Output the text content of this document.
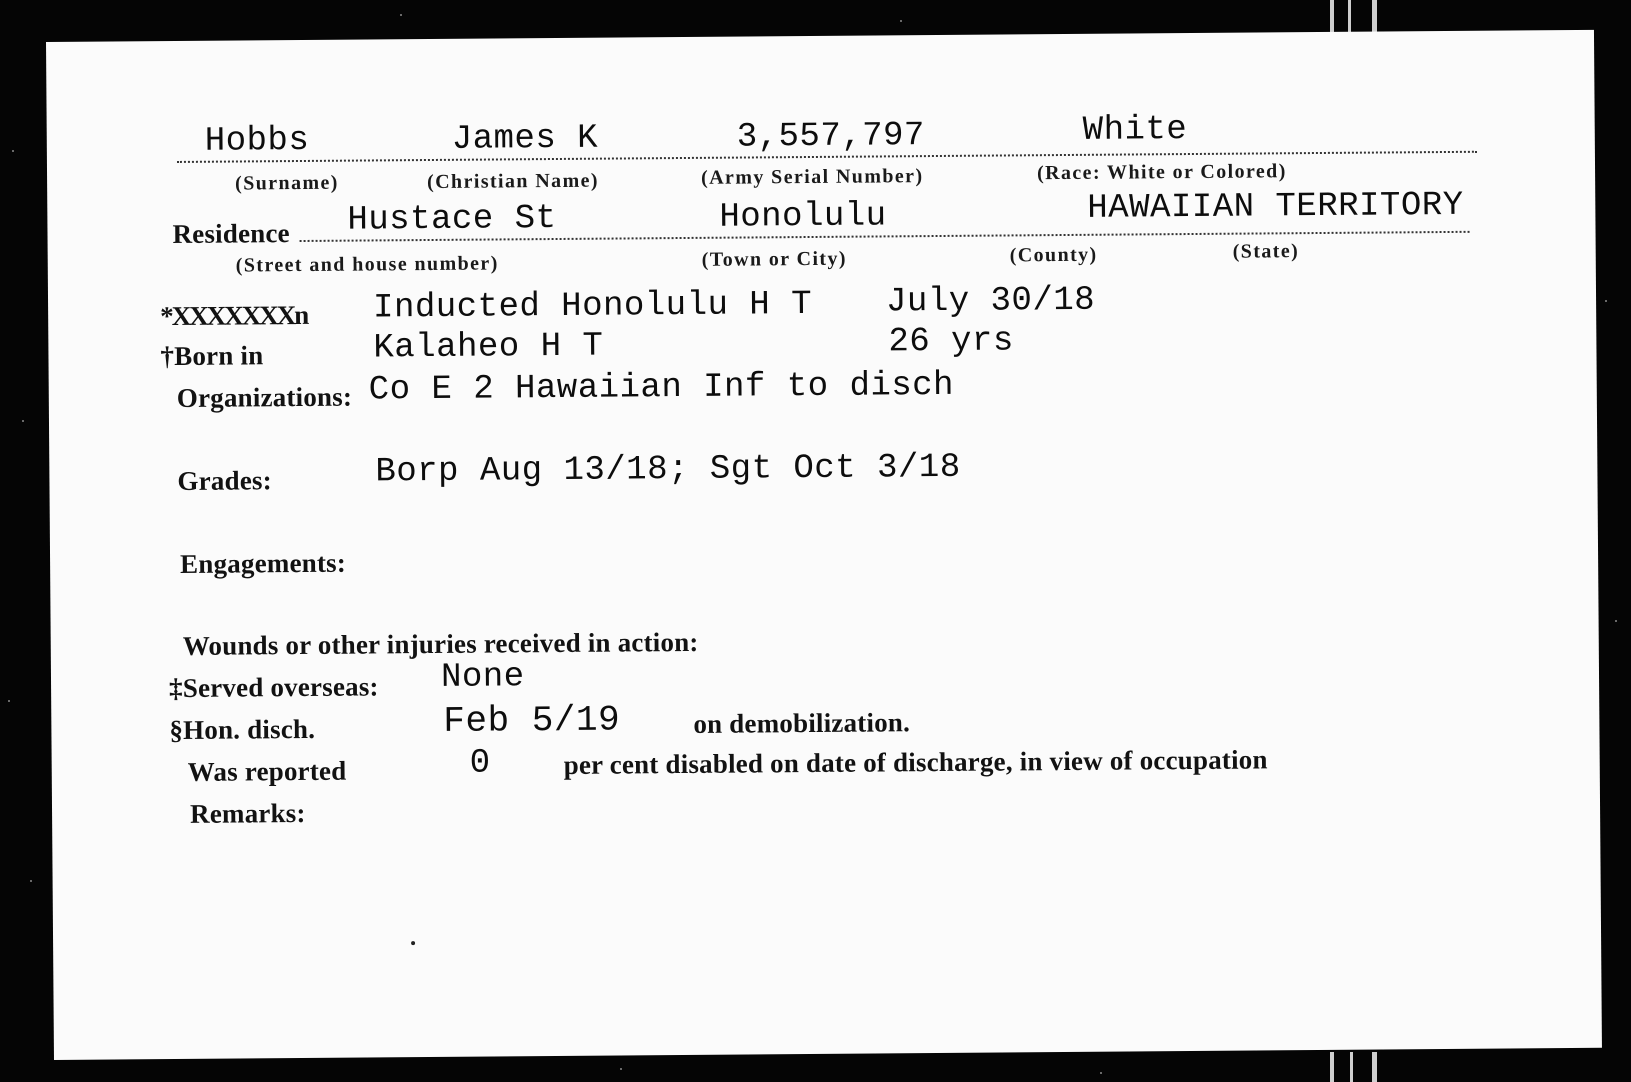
Hobbs	James K	3,557,797	White
(Surname)	(Christian Name)	(Army Serial Number)	(Race: White or Colored)
Residence Hustace St	Honolulu	HAWAIIAN TERRITORY
(Street and house number)	(Town or City)	(County)	(State)
*XXXXXXXn Inducted Honolulu H T July 30/18
†Born in	Kalaheo H T	26 yrs
Organizations: Co E 2 Hawaiian Inf to disch
Grades:	Borp Aug 13/18; Sgt Oct 3/18
Engagements:
Wounds or other injuries received in action:
‡Served overseas: None
§Hon. disch.	Feb 5/19	on demobilization.
Was reported	0	per cent disabled on date of discharge, in view of occupation
Remarks:
